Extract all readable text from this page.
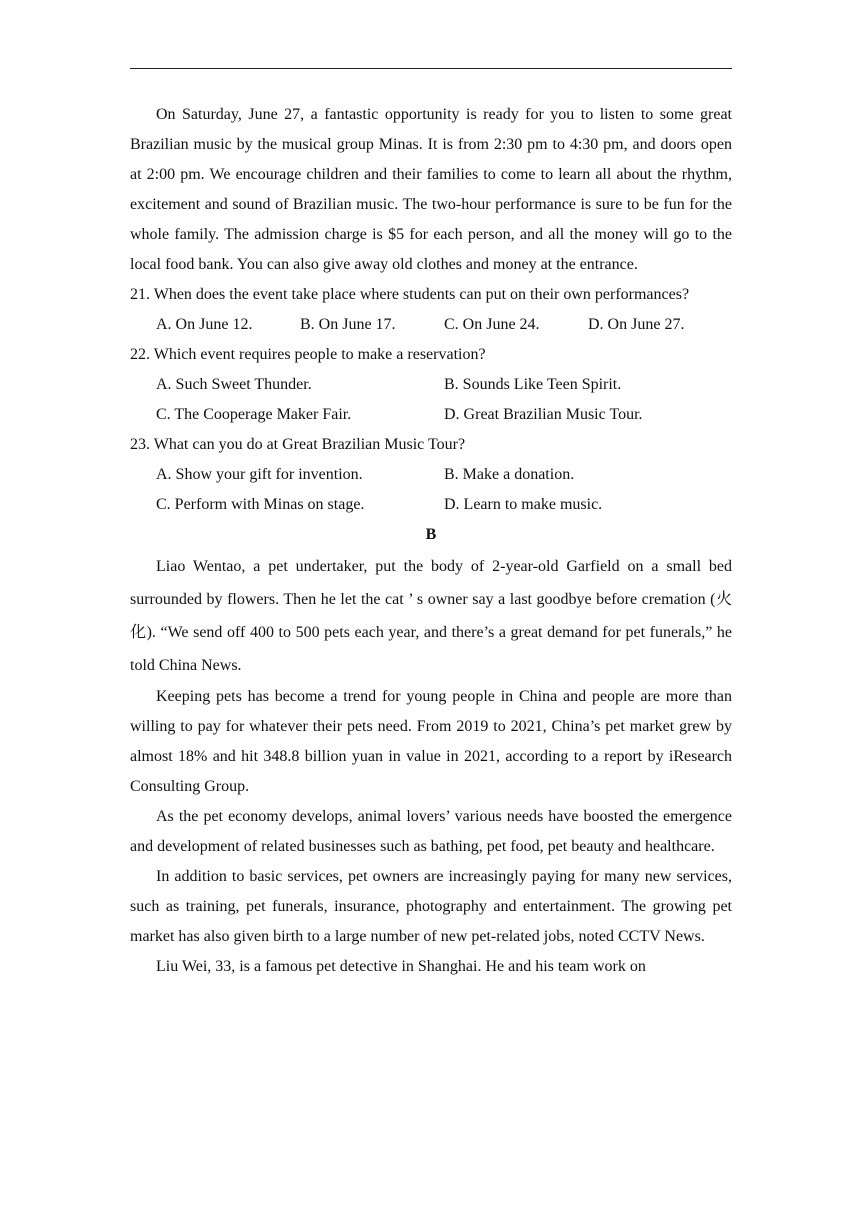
On Saturday, June 27, a fantastic opportunity is ready for you to listen to some great Brazilian music by the musical group Minas. It is from 2:30 pm to 4:30 pm, and doors open at 2:00 pm. We encourage children and their families to come to learn all about the rhythm, excitement and sound of Brazilian music. The two-hour performance is sure to be fun for the whole family. The admission charge is $5 for each person, and all the money will go to the local food bank. You can also give away old clothes and money at the entrance.

21. When does the event take place where students can put on their own performances?

A. On June 12.	B. On June 17.	C. On June 24.	D. On June 27.

22. Which event requires people to make a reservation?

A. Such Sweet Thunder.	B. Sounds Like Teen Spirit.
C. The Cooperage Maker Fair.	D. Great Brazilian Music Tour.

23. What can you do at Great Brazilian Music Tour?

A. Show your gift for invention.	B. Make a donation.
C. Perform with Minas on stage.	D. Learn to make music.

B

Liao Wentao, a pet undertaker, put the body of 2-year-old Garfield on a small bed surrounded by flowers. Then he let the cat ’ s owner say a last goodbye before cremation (火化). “We send off 400 to 500 pets each year, and there’s a great demand for pet funerals,” he told China News.

Keeping pets has become a trend for young people in China and people are more than willing to pay for whatever their pets need. From 2019 to 2021, China’s pet market grew by almost 18% and hit 348.8 billion yuan in value in 2021, according to a report by iResearch Consulting Group.

As the pet economy develops, animal lovers’ various needs have boosted the emergence and development of related businesses such as bathing, pet food, pet beauty and healthcare.

In addition to basic services, pet owners are increasingly paying for many new services, such as training, pet funerals, insurance, photography and entertainment. The growing pet market has also given birth to a large number of new pet-related jobs, noted CCTV News.

Liu Wei, 33, is a famous pet detective in Shanghai. He and his team work on
